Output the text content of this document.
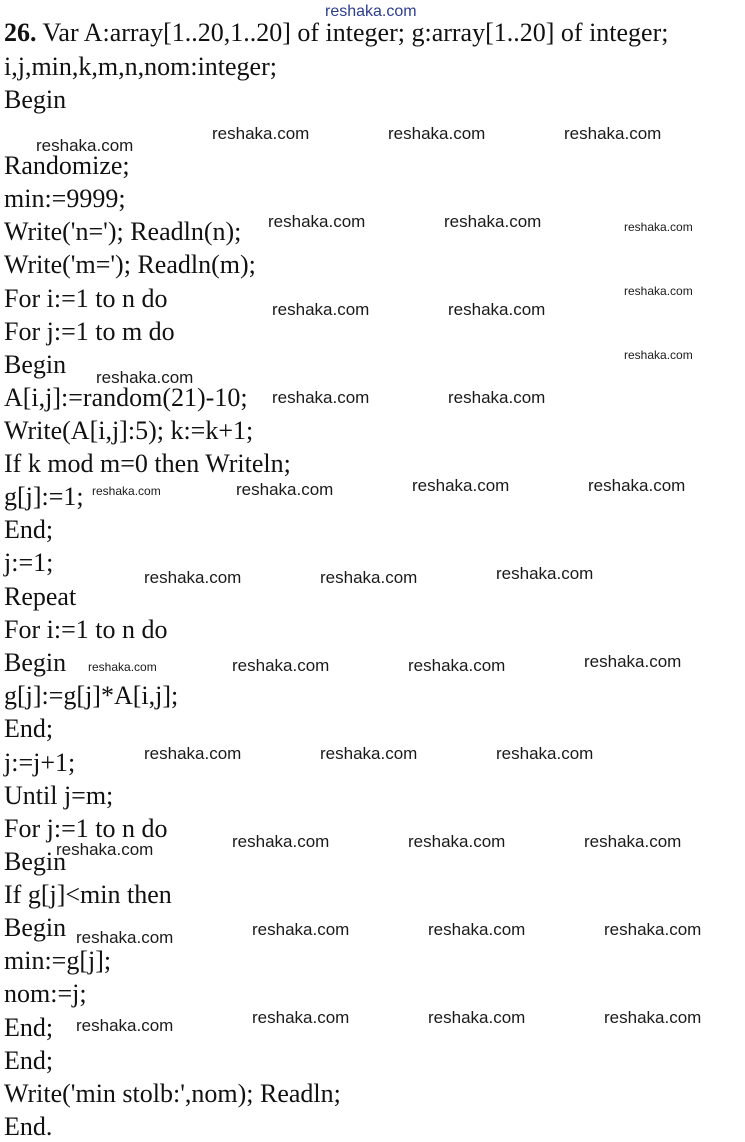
reshaka.com
26. Var A:array[1..20,1..20] of integer; g:array[1..20] of integer;
i,j,min,k,m,n,nom:integer;
Begin
Randomize;
min:=9999;
Write('n='); Readln(n);
Write('m='); Readln(m);
For i:=1 to n do
For j:=1 to m do
Begin
A[i,j]:=random(21)-10;
Write(A[i,j]:5); k:=k+1;
If k mod m=0 then Writeln;
g[j]:=1;
End;
j:=1;
Repeat
For i:=1 to n do
Begin
g[j]:=g[j]*A[i,j];
End;
j:=j+1;
Until j=m;
For j:=1 to n do
Begin
If g[j]<min then
Begin
min:=g[j];
nom:=j;
End;
End;
Write('min stolb:',nom); Readln;
End.
reshaka.com
reshaka.com	reshaka.com	reshaka.com
reshaka.com	reshaka.com	reshaka.com
reshaka.com
reshaka.com	reshaka.com
reshaka.com
reshaka.com
reshaka.com	reshaka.com
reshaka.com	reshaka.com	reshaka.com	reshaka.com
reshaka.com	reshaka.com	reshaka.com
reshaka.com	reshaka.com	reshaka.com	reshaka.com
reshaka.com	reshaka.com	reshaka.com
reshaka.com	reshaka.com	reshaka.com
reshaka.com
reshaka.com	reshaka.com	reshaka.com	reshaka.com
reshaka.com	reshaka.com	reshaka.com	reshaka.com
